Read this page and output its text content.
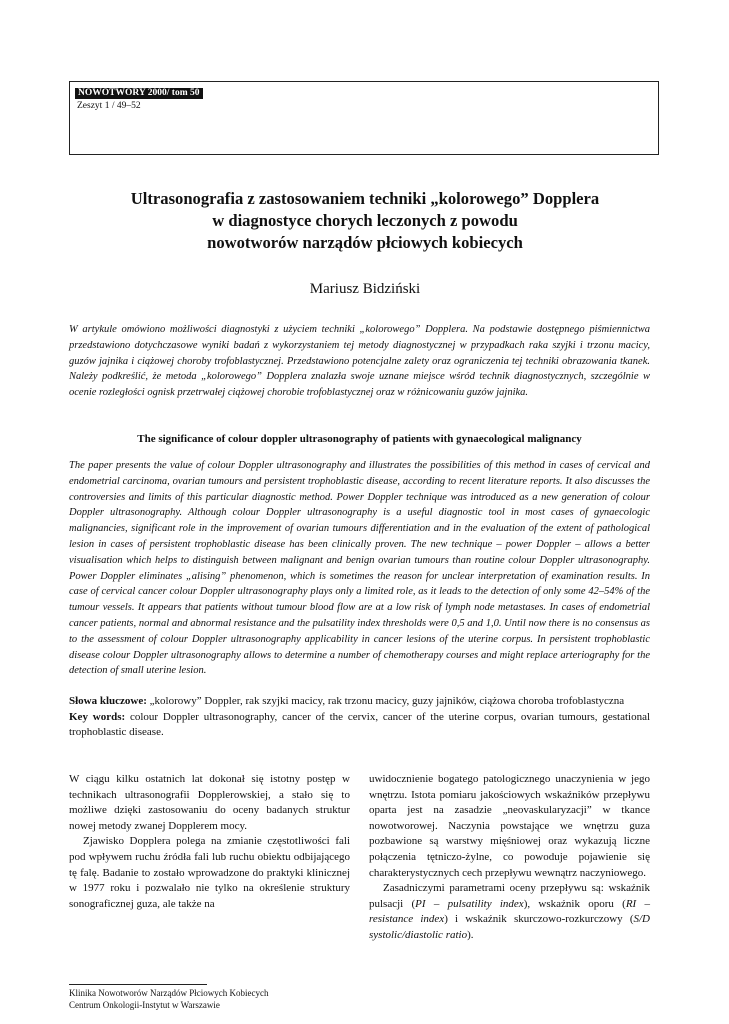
NOWOTWORY 2000/ tom 50
Zeszyt 1 / 49–52
Ultrasonografia z zastosowaniem techniki „kolorowego” Dopplera
w diagnostyce chorych leczonych z powodu
nowotworów narządów płciowych kobiecych
Mariusz Bidziński

W artykule omówiono możliwości diagnostyki z użyciem techniki „kolorowego” Dopplera. Na podstawie dostępnego piśmiennictwa przedstawiono dotychczasowe wyniki badań z wykorzystaniem tej metody diagnostycznej w przypadkach raka szyjki i trzonu macicy, guzów jajnika i ciążowej choroby trofoblastycznej. Przedstawiono potencjalne zalety oraz ograniczenia tej techniki obrazowania tkanek. Należy podkreślić, że metoda „kolorowego” Dopplera znalazła swoje uznane miejsce wśród technik diagnostycznych, szczególnie w ocenie rozległości ognisk przetrwałej ciążowej chorobie trofoblastycznej oraz w różnicowaniu guzów jajnika.

The significance of colour doppler ultrasonography of patients with gynaecological malignancy

The paper presents the value of colour Doppler ultrasonography and illustrates the possibilities of this method in cases of cervical and endometrial carcinoma, ovarian tumours and persistent trophoblastic disease, according to recent literature reports. It also discusses the controversies and limits of this particular diagnostic method. Power Doppler technique was introduced as a new generation of colour Doppler ultrasonography. Although colour Doppler ultrasonography is a useful diagnostic tool in most cases of gynaecologic malignancies, significant role in the improvement of ovarian tumours differentiation and in the evaluation of the extent of pathological lesion in cases of persistent trophoblastic disease has been clinically proven. The new technique – power Doppler – allows a better visualisation which helps to distinguish between malignant and benign ovarian tumours than routine colour Doppler ultrasonography. Power Doppler eliminates „alising” phenomenon, which is sometimes the reason for unclear interpretation of examination results. In case of cervical cancer colour Doppler ultrasonography plays only a limited role, as it leads to the detection of only some 42–54% of the tumour vessels. It appears that patients without tumour blood flow are at a low risk of lymph node metastases. In cases of endometrial cancer patients, normal and abnormal resistance and the pulsatility index thresholds were 0,5 and 1,0. Until now there is no consensus as to the assessment of colour Doppler ultrasonography applicability in cancer lesions of the uterine corpus. In persistent trophoblastic disease colour Doppler ultrasonography allows to determine a number of chemotherapy courses and might replace arteriography for the detection of small uterine lesion.

Słowa kluczowe: „kolorowy” Doppler, rak szyjki macicy, rak trzonu macicy, guzy jajników, ciążowa choroba trofoblastyczna

Key words: colour Doppler ultrasonography, cancer of the cervix, cancer of the uterine corpus, ovarian tumours, gestational trophoblastic disease.

W ciągu kilku ostatnich lat dokonał się istotny postęp w technikach ultrasonografii Dopplerowskiej, a stało się to możliwe dzięki zastosowaniu do oceny badanych struktur nowej metody zwanej Dopplerem mocy.

Zjawisko Dopplera polega na zmianie częstotliwości fali pod wpływem ruchu źródła fali lub ruchu obiektu odbijającego tę falę. Badanie to zostało wprowadzone do praktyki klinicznej w 1977 roku i pozwalało nie tylko na określenie struktury sonograficznej guza, ale także na

uwidocznienie bogatego patologicznego unaczynienia w jego wnętrzu. Istota pomiaru jakościowych wskaźników przepływu oparta jest na zasadzie „neovaskularyzacji” w tkance nowotworowej. Naczynia powstające we wnętrzu guza pozbawione są warstwy mięśniowej oraz wykazują liczne połączenia tętniczo-żylne, co powoduje pojawienie się charakterystycznych cech przepływu wewnątrz naczyniowego.

Zasadniczymi parametrami oceny przepływu są: wskaźnik pulsacji (PI – pulsatility index), wskaźnik oporu (RI – resistance index) i wskaźnik skurczowo-rozkurczowy (S/D systolic/diastolic ratio).

Klinika Nowotworów Narządów Płciowych Kobiecych
Centrum Onkologii-Instytut w Warszawie
